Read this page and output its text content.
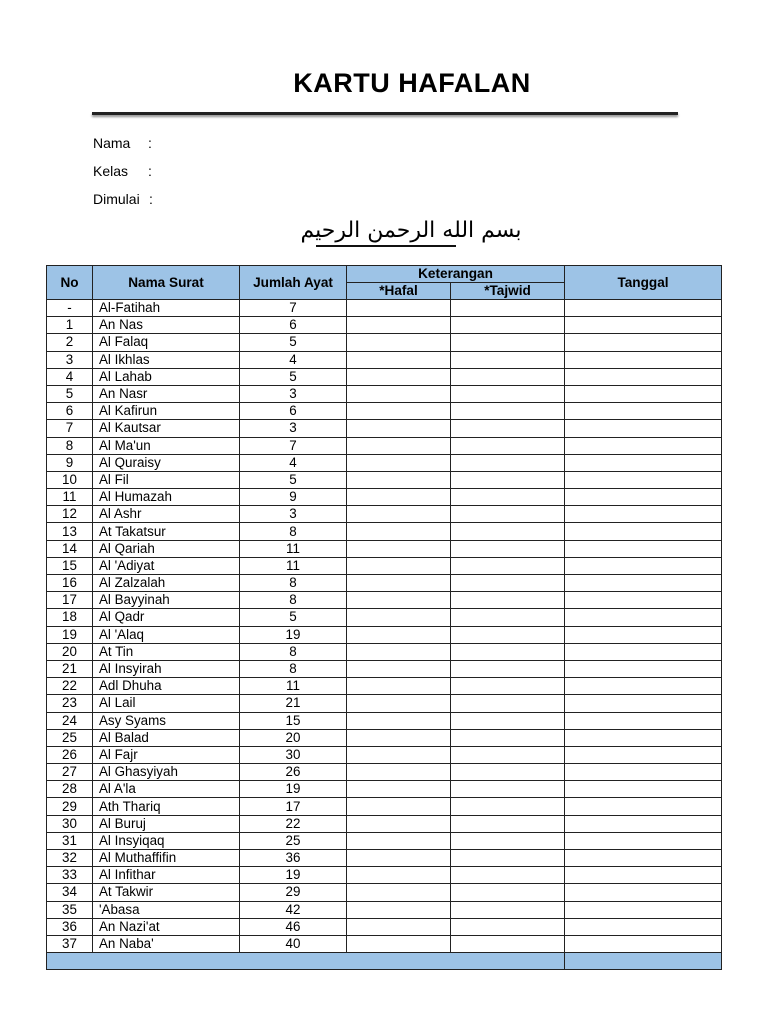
KARTU HAFALAN
Nama :
Kelas :
Dimulai :
بسم الله الرحمن الرحيم
No	Nama Surat	Jumlah Ayat	Keterangan		Tanggal
			*Hafal	*Tajwid	
-	Al-Fatihah	7			
1	An Nas	6			
2	Al Falaq	5			
3	Al Ikhlas	4			
4	Al Lahab	5			
5	An Nasr	3			
6	Al Kafirun	6			
7	Al Kautsar	3			
8	Al Ma'un	7			
9	Al Quraisy	4			
10	Al Fil	5			
11	Al Humazah	9			
12	Al Ashr	3			
13	At Takatsur	8			
14	Al Qariah	11			
15	Al 'Adiyat	11			
16	Al Zalzalah	8			
17	Al Bayyinah	8			
18	Al Qadr	5			
19	Al 'Alaq	19			
20	At Tin	8			
21	Al Insyirah	8			
22	Adl Dhuha	11			
23	Al Lail	21			
24	Asy Syams	15			
25	Al Balad	20			
26	Al Fajr	30			
27	Al Ghasyiyah	26			
28	Al A'la	19			
29	Ath Thariq	17			
30	Al Buruj	22			
31	Al Insyiqaq	25			
32	Al Muthaffifin	36			
33	Al Infithar	19			
34	At Takwir	29			
35	'Abasa	42			
36	An Nazi'at	46			
37	An Naba'	40			
